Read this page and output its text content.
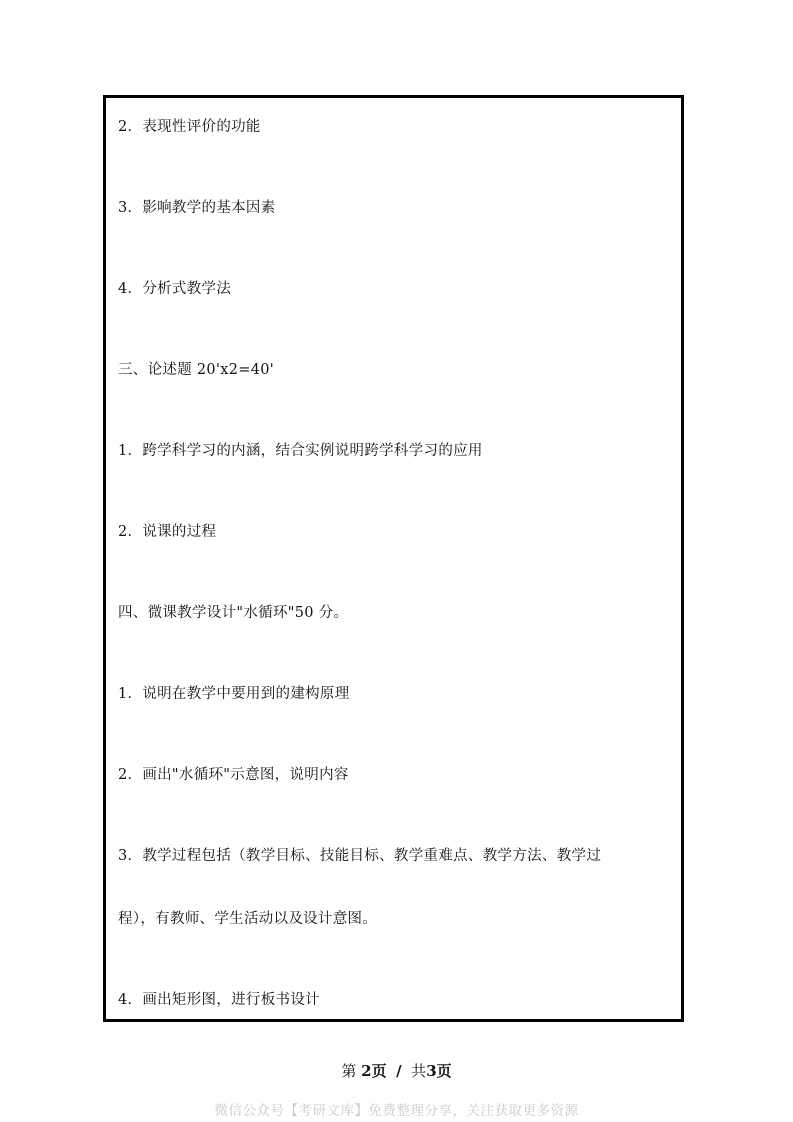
2．表现性评价的功能
3．影响教学的基本因素
4．分析式教学法
三、论述题 20'x2=40'
1．跨学科学习的内涵，结合实例说明跨学科学习的应用
2．说课的过程
四、微课教学设计"水循环"50 分。
1．说明在教学中要用到的建构原理
2．画出"水循环"示意图，说明内容
3．教学过程包括（教学目标、技能目标、教学重难点、教学方法、教学过
程），有教师、学生活动以及设计意图。
4．画出矩形图，进行板书设计
第 2页 / 共3页
微信公众号【考研文库】免费整理分享，关注获取更多资源
